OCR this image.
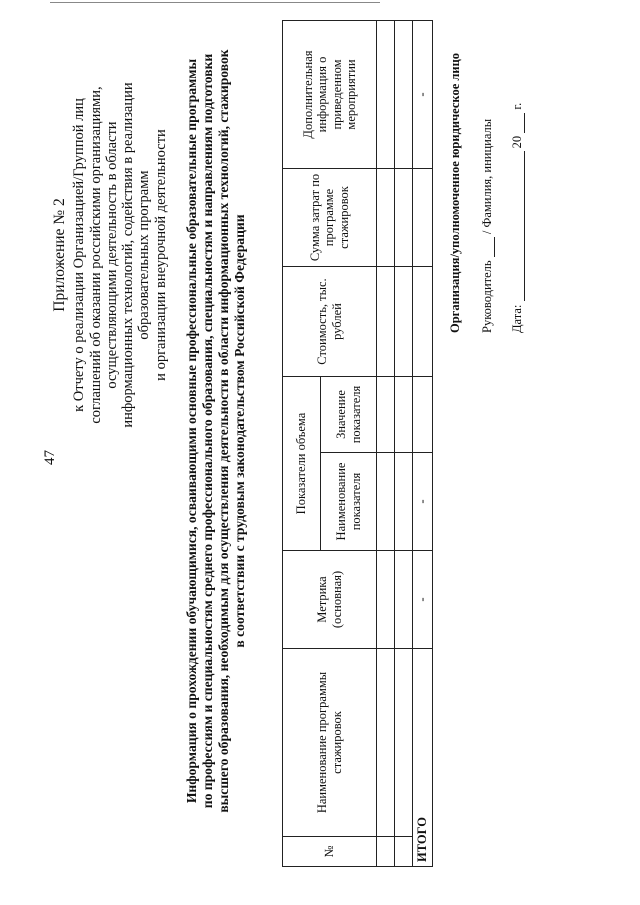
47
Приложение № 2 к Отчету о реализации Организацией/Группой лиц соглашений об оказании российскими организациями, осуществляющими деятельность в области информационных технологий, содействия в реализации образовательных программ и организации внеурочной деятельности Информация о прохождении обучающимися, осваивающими основные профессиональные образовательные программы по профессиям и специальностям среднего профессионального образования, специальностям и направлениям подготовки высшего образования, необходимым для осуществления деятельности в области информационных технологий, стажировок в соответствии с трудовым законодательством Российской Федерации
№	Наименование программы стажировок	Метрика (основная)	Показатели объема		Стоимость, тыс. рублей	Сумма затрат по программе стажировок	Дополнительная информация о приведенном мероприятии
			Наименование показателя	Значение показателя			

ИТОГО		-	-				- Организация/уполномоченное юридическое лицо Руководитель  / Фамилия, инициалы
Дата:  20  г.
